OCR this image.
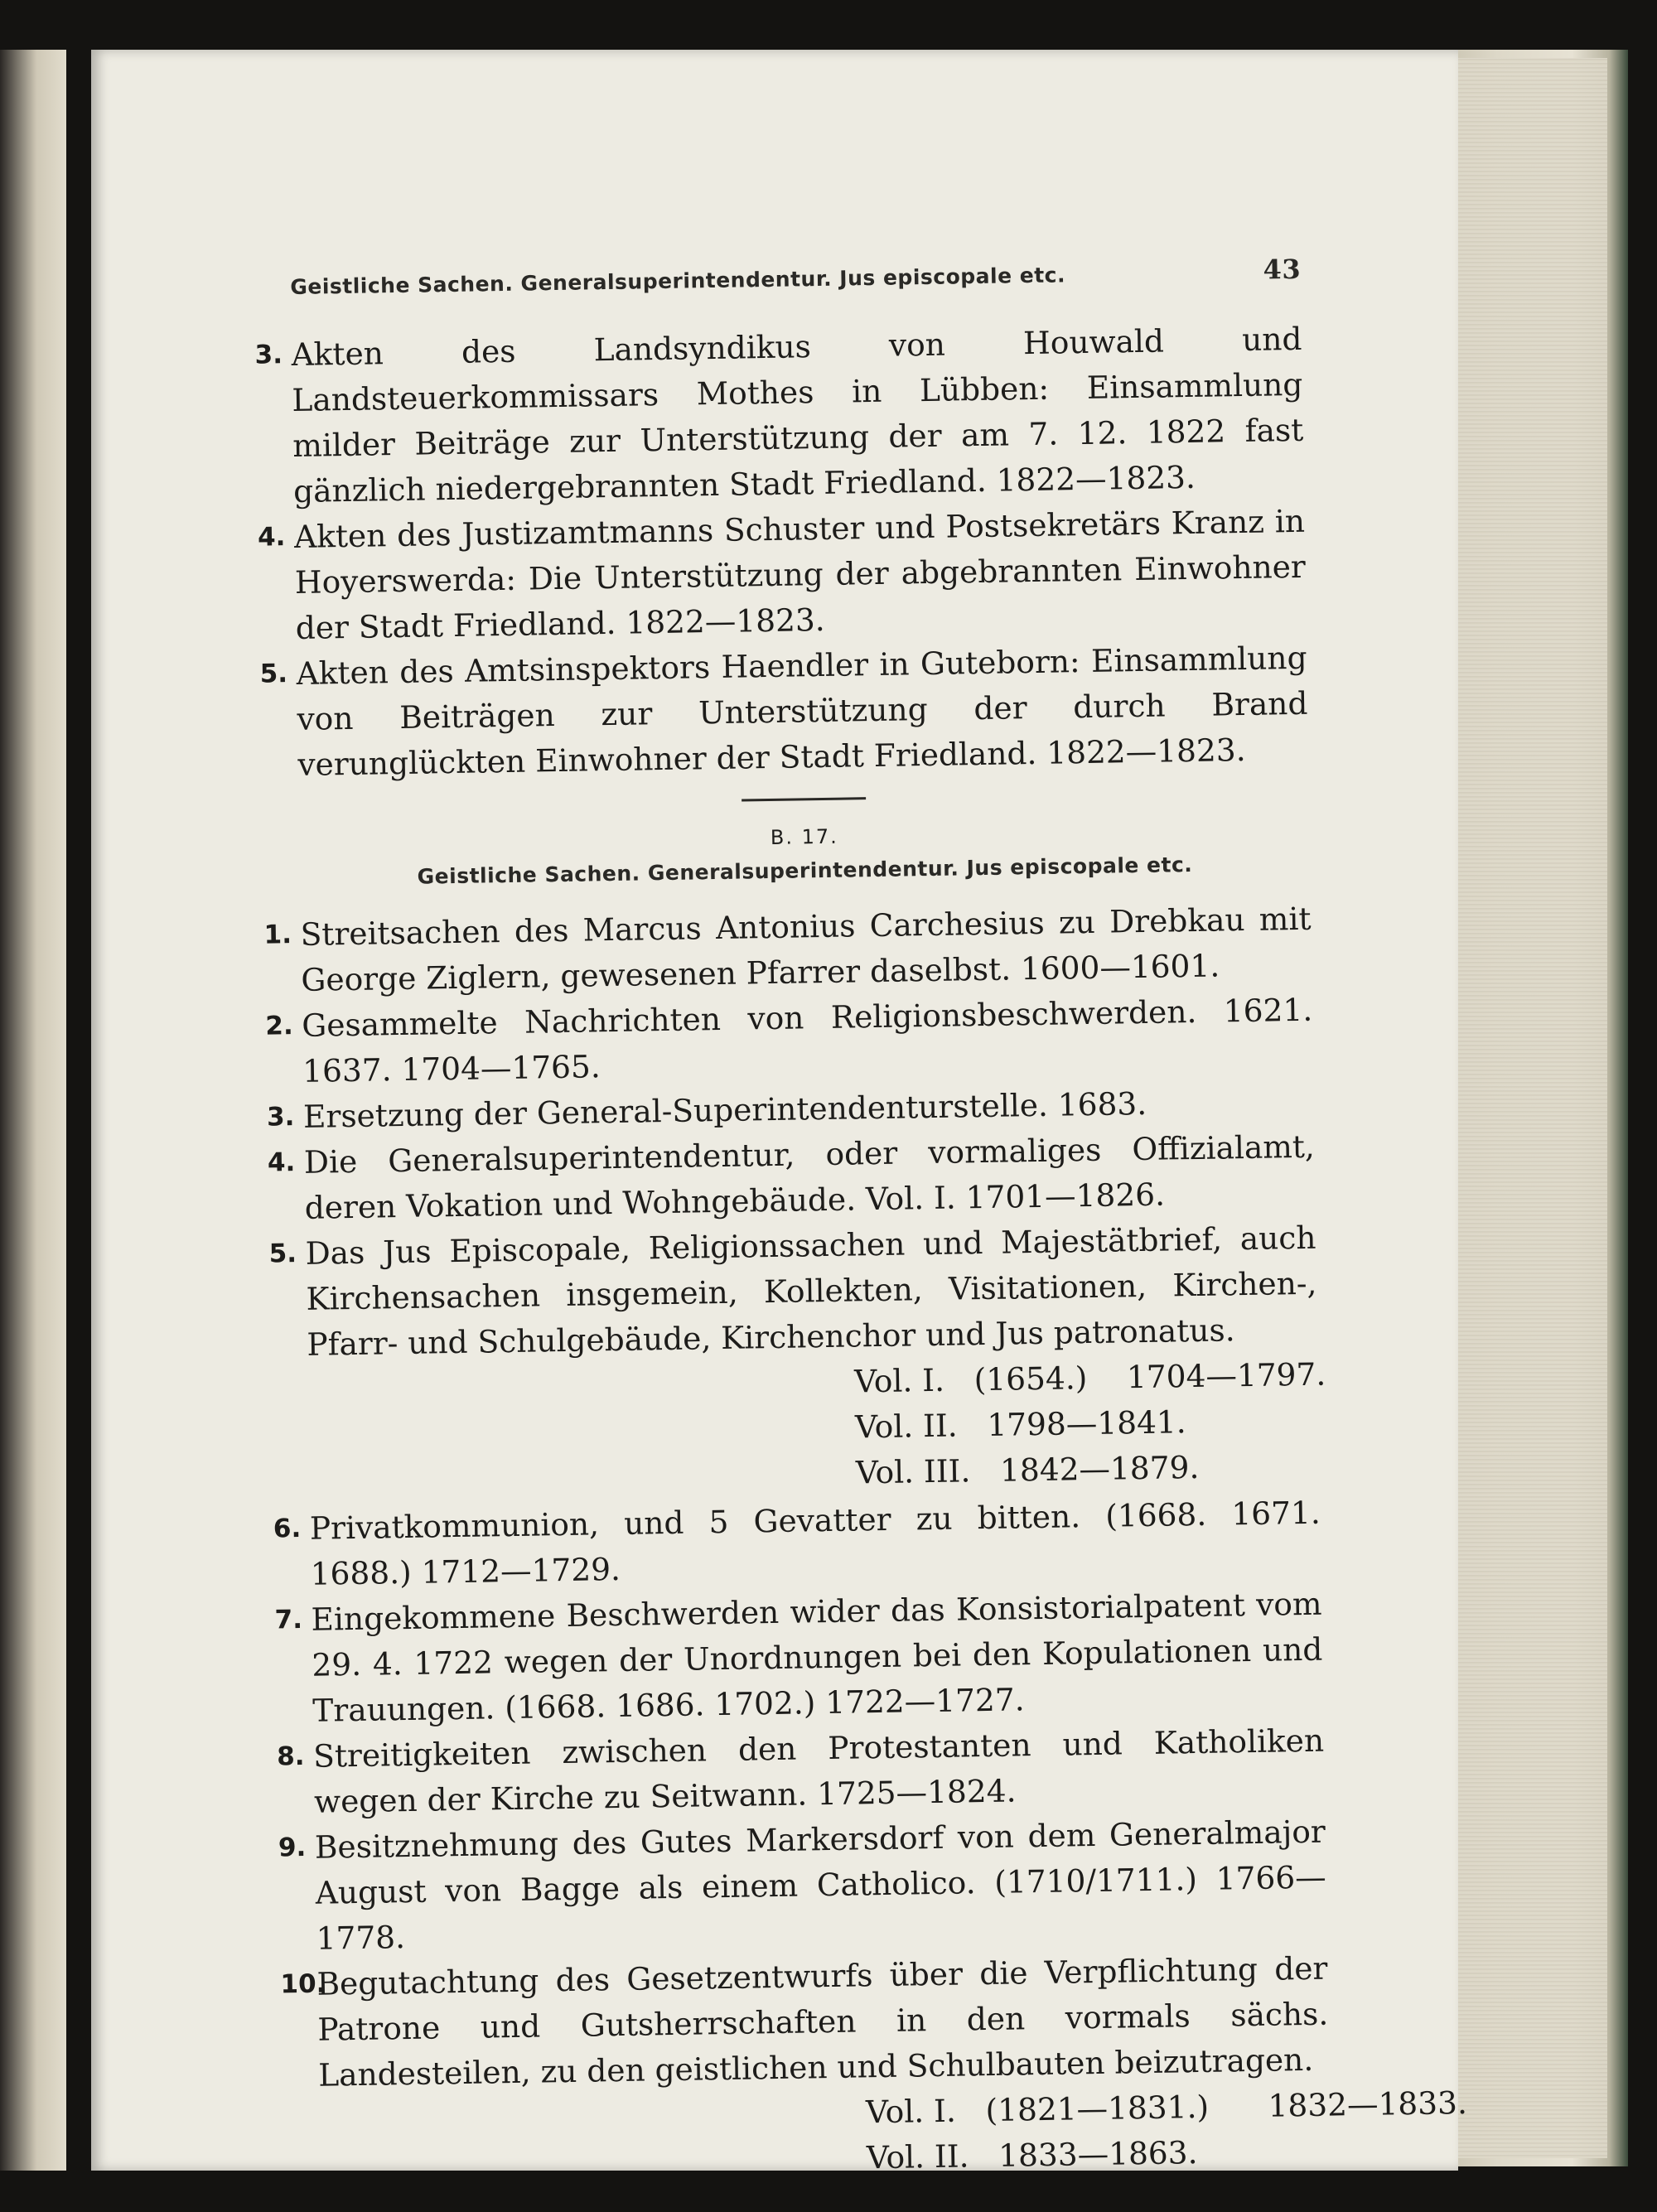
Geistliche Sachen. Generalsuperintendentur. Jus episcopale etc.	43
3. Akten des Landsyndikus von Houwald und Landsteuerkommissars Mothes in Lübben: Einsammlung milder Beiträge zur Unterstützung der am 7. 12. 1822 fast gänzlich niedergebrannten Stadt Friedland. 1822—1823.

4. Akten des Justizamtmanns Schuster und Postsekretärs Kranz in Hoyerswerda: Die Unterstützung der abgebrannten Einwohner der Stadt Friedland. 1822—1823.

5. Akten des Amtsinspektors Haendler in Guteborn: Einsammlung von Beiträgen zur Unterstützung der durch Brand verunglückten Einwohner der Stadt Friedland. 1822—1823.

B. 17.
Geistliche Sachen. Generalsuperintendentur. Jus episcopale etc.
1. Streitsachen des Marcus Antonius Carchesius zu Drebkau mit George Ziglern, gewesenen Pfarrer daselbst. 1600—1601.

2. Gesammelte Nachrichten von Religionsbeschwerden. 1621. 1637. 1704—1765.

3. Ersetzung der General-Superintendenturstelle. 1683.

4. Die Generalsuperintendentur, oder vormaliges Offizialamt, deren Vokation und Wohngebäude. Vol. I. 1701—1826.

5. Das Jus Episcopale, Religionssachen und Majestätbrief, auch Kirchensachen insgemein, Kollekten, Visitationen, Kirchen-, Pfarr- und Schulgebäude, Kirchenchor und Jus patronatus.

Vol. I.   (1654.)    1704—1797.
Vol. II.   1798—1841.
Vol. III.   1842—1879.
6. Privatkommunion, und 5 Gevatter zu bitten. (1668. 1671. 1688.) 1712—1729.

7. Eingekommene Beschwerden wider das Konsistorialpatent vom 29. 4. 1722 wegen der Unordnungen bei den Kopulationen und Trauungen. (1668. 1686. 1702.) 1722—1727.

8. Streitigkeiten zwischen den Protestanten und Katholiken wegen der Kirche zu Seitwann. 1725—1824.

9. Besitznehmung des Gutes Markersdorf von dem Generalmajor August von Bagge als einem Catholico. (1710/1711.) 1766—1778.

10.

Begutachtung des Gesetzentwurfs über die Verpflichtung der Patrone und Gutsherrschaften in den vormals sächs. Landesteilen, zu den geistlichen und Schulbauten beizutragen.

Vol. I.   (1821—1831.)      1832—1833.
Vol. II.   1833—1863.
